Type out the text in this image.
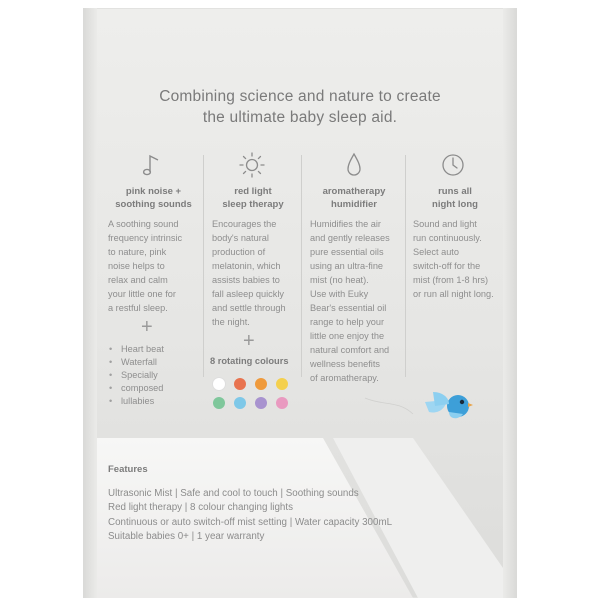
Combining science and nature to create
the ultimate baby sleep aid.
pink noise +
soothing sounds
A soothing sound
frequency intrinsic
to nature, pink
noise helps to
relax and calm
your little one for
a restful sleep.
+
• Heart beat
• Waterfall
• Specially
• composed
• lullabies
red light
sleep therapy
Encourages the
body's natural
production of
melatonin, which
assists babies to
fall asleep quickly
and settle through
the night.
+
8 rotating colours
aromatherapy
humidifier
Humidifies the air
and gently releases
pure essential oils
using an ultra-fine
mist (no heat).
Use with Euky
Bear's essential oil
range to help your
little one enjoy the
natural comfort and
wellness benefits
of aromatherapy.
runs all
night long
Sound and light
run continuously.
Select auto
switch-off for the
mist (from 1-8 hrs)
or run all night long.
Features
Ultrasonic Mist | Safe and cool to touch | Soothing sounds
Red light therapy | 8 colour changing lights
Continuous or auto switch-off mist setting | Water capacity 300mL
Suitable babies 0+ | 1 year warranty
